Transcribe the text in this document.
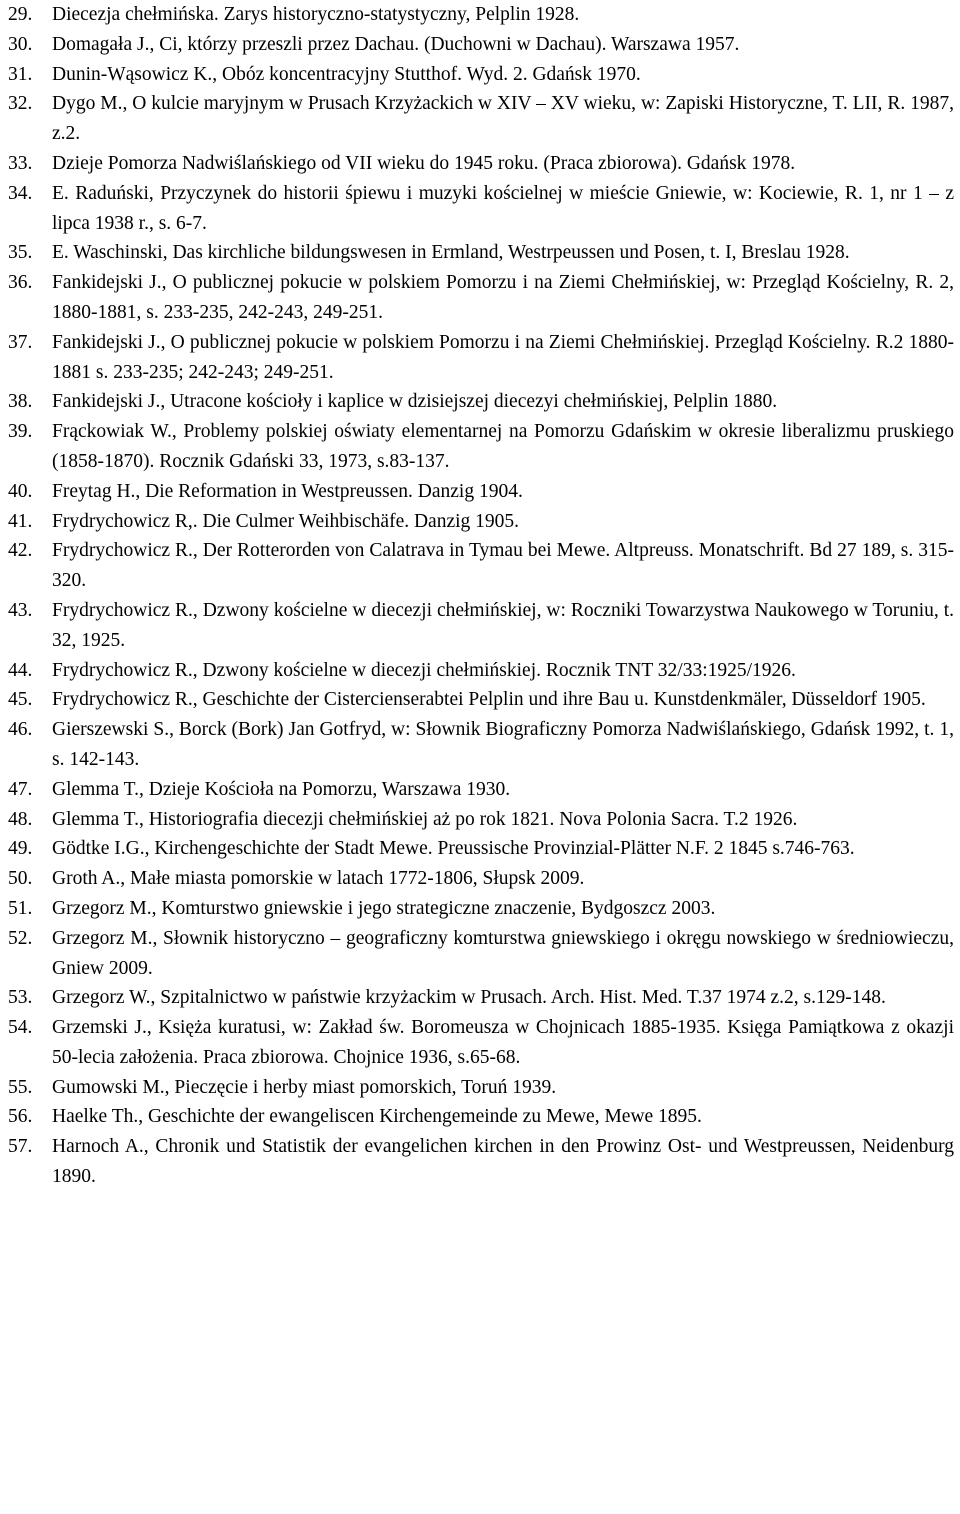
29. Diecezja chełmińska. Zarys historyczno-statystyczny, Pelplin 1928.
30. Domagała J., Ci, którzy przeszli przez Dachau. (Duchowni w Dachau). Warszawa 1957.
31. Dunin-Wąsowicz K., Obóz koncentracyjny Stutthof. Wyd. 2. Gdańsk 1970.
32. Dygo M., O kulcie maryjnym w Prusach Krzyżackich w XIV – XV wieku, w: Zapiski Historyczne, T. LII, R. 1987, z.2.
33. Dzieje Pomorza Nadwiślańskiego od VII wieku do 1945 roku. (Praca zbiorowa). Gdańsk 1978.
34. E. Raduński, Przyczynek do historii śpiewu i muzyki kościelnej w mieście Gniewie, w: Kociewie, R. 1, nr 1 – z lipca 1938 r., s. 6-7.
35. E. Waschinski, Das kirchliche bildungswesen in Ermland, Westrpeussen und Posen, t. I, Breslau 1928.
36. Fankidejski J., O publicznej pokucie w polskiem Pomorzu i na Ziemi Chełmińskiej, w: Przegląd Kościelny, R. 2, 1880-1881, s. 233-235, 242-243, 249-251.
37. Fankidejski J., O publicznej pokucie w polskiem Pomorzu i na Ziemi Chełmińskiej. Przegląd Kościelny. R.2 1880-1881 s. 233-235; 242-243; 249-251.
38. Fankidejski J., Utracone kościoły i kaplice w dzisiejszej diecezyi chełmińskiej, Pelplin 1880.
39. Frąckowiak W., Problemy polskiej oświaty elementarnej na Pomorzu Gdańskim w okresie liberalizmu pruskiego (1858-1870). Rocznik Gdański 33, 1973, s.83-137.
40. Freytag H., Die Reformation in Westpreussen. Danzig 1904.
41. Frydrychowicz R,. Die Culmer Weihbischäfe. Danzig 1905.
42. Frydrychowicz R., Der Rotterorden von Calatrava in Tymau bei Mewe. Altpreuss. Monatschrift. Bd 27 189, s. 315-320.
43. Frydrychowicz R., Dzwony kościelne w diecezji chełmińskiej, w: Roczniki Towarzystwa Naukowego w Toruniu, t. 32, 1925.
44. Frydrychowicz R., Dzwony kościelne w diecezji chełmińskiej. Rocznik TNT 32/33:1925/1926.
45. Frydrychowicz R., Geschichte der Cistercienserabtei Pelplin und ihre Bau u. Kunstdenkmäler, Düsseldorf 1905.
46. Gierszewski S., Borck (Bork) Jan Gotfryd, w: Słownik Biograficzny Pomorza Nadwiślańskiego, Gdańsk 1992, t. 1, s. 142-143.
47. Glemma T., Dzieje Kościoła na Pomorzu, Warszawa 1930.
48. Glemma T., Historiografia diecezji chełmińskiej aż po rok 1821. Nova Polonia Sacra. T.2 1926.
49. Gödtke I.G., Kirchengeschichte der Stadt Mewe. Preussische Provinzial-Plätter N.F. 2 1845 s.746-763.
50. Groth A., Małe miasta pomorskie w latach 1772-1806, Słupsk 2009.
51. Grzegorz M., Komturstwo gniewskie i jego strategiczne znaczenie, Bydgoszcz 2003.
52. Grzegorz M., Słownik historyczno – geograficzny komturstwa gniewskiego i okręgu nowskiego w średniowieczu, Gniew 2009.
53. Grzegorz W., Szpitalnictwo w państwie krzyżackim w Prusach. Arch. Hist. Med. T.37 1974 z.2, s.129-148.
54. Grzemski J., Księża kuratusi, w: Zakład św. Boromeusza w Chojnicach 1885-1935. Księga Pamiątkowa z okazji 50-lecia założenia. Praca zbiorowa. Chojnice 1936, s.65-68.
55. Gumowski M., Pieczęcie i herby miast pomorskich, Toruń 1939.
56. Haelke Th., Geschichte der ewangeliscen Kirchengemeinde zu Mewe, Mewe 1895.
57. Harnoch A., Chronik und Statistik der evangelichen kirchen in den Prowinz Ost- und Westpreussen, Neidenburg 1890.
